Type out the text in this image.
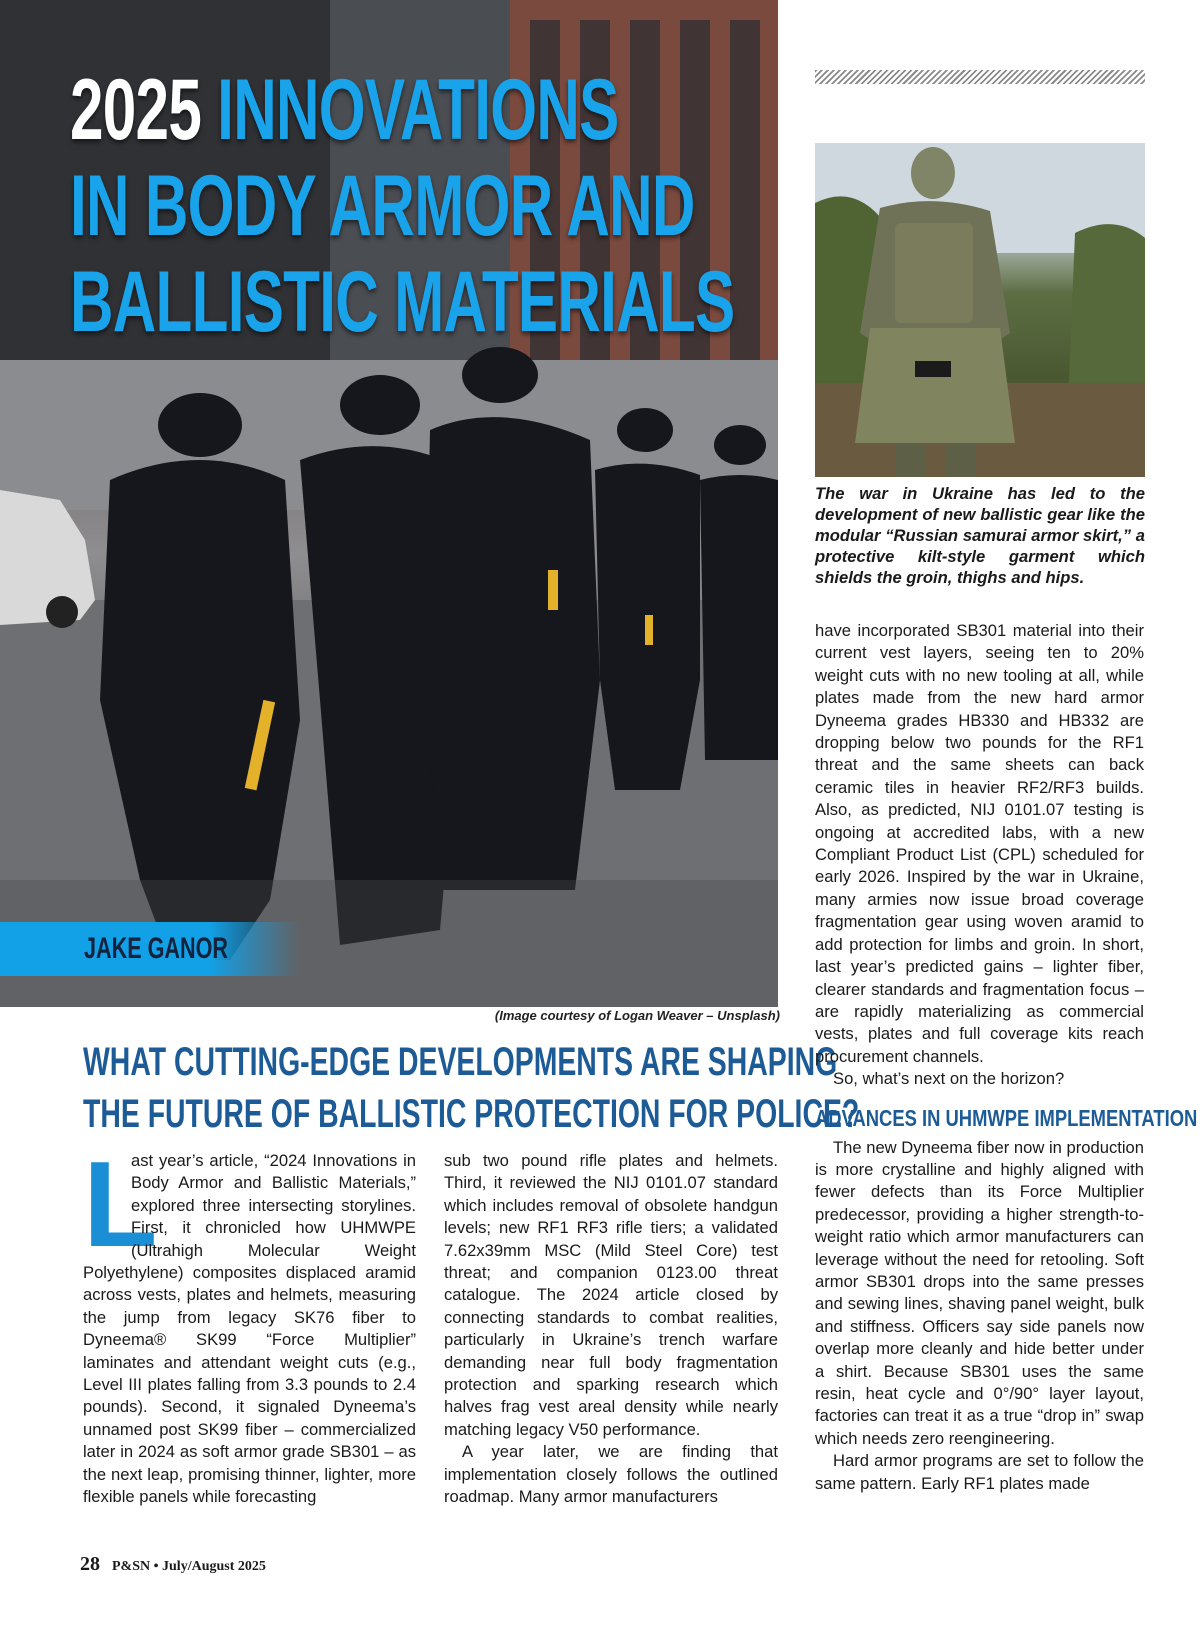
2025 INNOVATIONS
IN BODY ARMOR AND
BALLISTIC MATERIALS
JAKE GANOR
(Image courtesy of Logan Weaver – Unsplash)
WHAT CUTTING-EDGE DEVELOPMENTS ARE SHAPING
THE FUTURE OF BALLISTIC PROTECTION FOR POLICE?
The war in Ukraine has led to the development of new ballistic gear like the modular “Russian samurai armor skirt,” a protective kilt-style garment which shields the groin, thighs and hips.
L

ast year’s article, “2024 Innovations in Body Armor and Ballistic Materials,” explored three intersecting storylines. First, it chronicled how UHMWPE (Ultrahigh Molecular Weight Polyethylene) composites displaced aramid across vests, plates and helmets, measuring the jump from legacy SK76 fiber to Dyneema® SK99 “Force Multiplier” laminates and attendant weight cuts (e.g., Level III plates falling from 3.3 pounds to 2.4 pounds). Second, it signaled Dyneema’s unnamed post SK99 fiber – commercialized later in 2024 as soft armor grade SB301 – as the next leap, promising thinner, lighter, more flexible panels while forecasting

sub two pound rifle plates and helmets. Third, it reviewed the NIJ 0101.07 standard which includes removal of obsolete handgun levels; new RF1 RF3 rifle tiers; a validated 7.62x39mm MSC (Mild Steel Core) test threat; and companion 0123.00 threat catalogue. The 2024 article closed by connecting standards to combat realities, particularly in Ukraine’s trench warfare demanding near full body fragmentation protection and sparking research which halves frag vest areal density while nearly matching legacy V50 performance.

A year later, we are finding that implementation closely follows the outlined roadmap. Many armor manufacturers

have incorporated SB301 material into their current vest layers, seeing ten to 20% weight cuts with no new tooling at all, while plates made from the new hard armor Dyneema grades HB330 and HB332 are dropping below two pounds for the RF1 threat and the same sheets can back ceramic tiles in heavier RF2/RF3 builds. Also, as predicted, NIJ 0101.07 testing is ongoing at accredited labs, with a new Compliant Product List (CPL) scheduled for early 2026. Inspired by the war in Ukraine, many armies now issue broad coverage fragmentation gear using woven aramid to add protection for limbs and groin. In short, last year’s predicted gains – lighter fiber, clearer standards and fragmentation focus – are rapidly materializing as commercial vests, plates and full coverage kits reach procurement channels.

So, what’s next on the horizon?

ADVANCES IN UHMWPE IMPLEMENTATION

The new Dyneema fiber now in production is more crystalline and highly aligned with fewer defects than its Force Multiplier predecessor, providing a higher strength-to-weight ratio which armor manufacturers can leverage without the need for retooling. Soft armor SB301 drops into the same presses and sewing lines, shaving panel weight, bulk and stiffness. Officers say side panels now overlap more cleanly and hide better under a shirt. Because SB301 uses the same resin, heat cycle and 0°/90° layer layout, factories can treat it as a true “drop in” swap which needs zero reengineering.

Hard armor programs are set to follow the same pattern. Early RF1 plates made

28 P&SN • July/August 2025
